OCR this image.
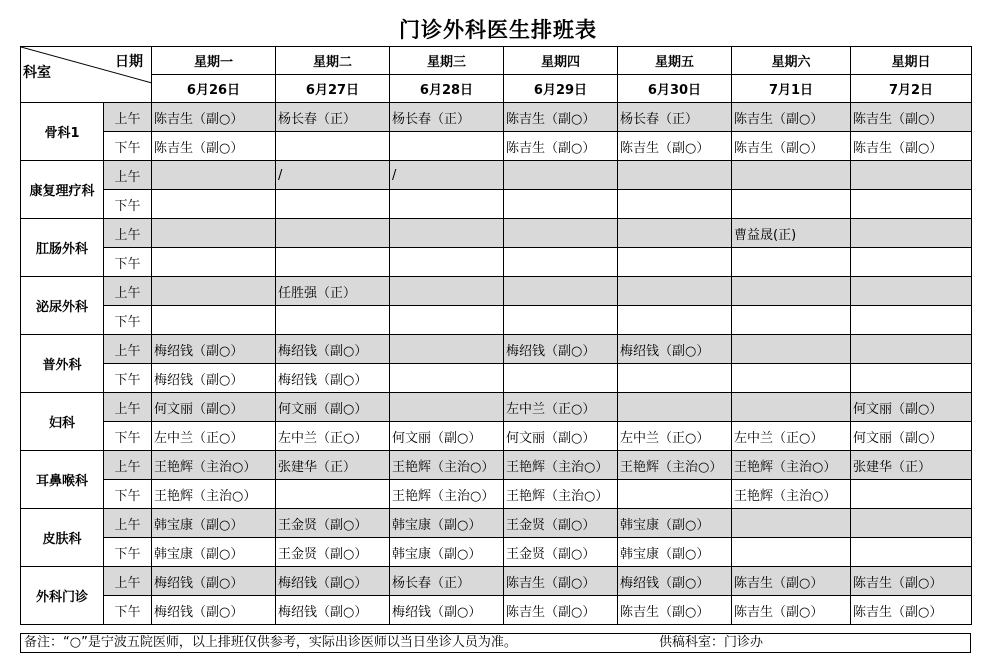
门诊外科医生排班表
日期
科室		星期一	星期二	星期三	星期四	星期五	星期六	星期日
		6月26日	6月27日	6月28日	6月29日	6月30日	7月1日	7月2日
骨科1	上午	陈吉生（副○）	杨长春（正）	杨长春（正）	陈吉生（副○）	杨长春（正）	陈吉生（副○）	陈吉生（副○）
	下午	陈吉生（副○）			陈吉生（副○）	陈吉生（副○）	陈吉生（副○）	陈吉生（副○）
康复理疗科	上午		/	/				
	下午							
肛肠外科	上午						曹益晟(正)	
	下午							
泌尿外科	上午		任胜强（正）					
	下午							
普外科	上午	梅绍钱（副○）	梅绍钱（副○）		梅绍钱（副○）	梅绍钱（副○）		
	下午	梅绍钱（副○）	梅绍钱（副○）					
妇科	上午	何文丽（副○）	何文丽（副○）		左中兰（正○）			何文丽（副○）
	下午	左中兰（正○）	左中兰（正○）	何文丽（副○）	何文丽（副○）	左中兰（正○）	左中兰（正○）	何文丽（副○）
耳鼻喉科	上午	王艳辉（主治○）	张建华（正）	王艳辉（主治○）	王艳辉（主治○）	王艳辉（主治○）	王艳辉（主治○）	张建华（正）
	下午	王艳辉（主治○）		王艳辉（主治○）	王艳辉（主治○）		王艳辉（主治○）	
皮肤科	上午	韩宝康（副○）	王金贤（副○）	韩宝康（副○）	王金贤（副○）	韩宝康（副○）		
	下午	韩宝康（副○）	王金贤（副○）	韩宝康（副○）	王金贤（副○）	韩宝康（副○）		
外科门诊	上午	梅绍钱（副○）	梅绍钱（副○）	杨长春（正）	陈吉生（副○）	梅绍钱（副○）	陈吉生（副○）	陈吉生（副○）
	下午	梅绍钱（副○）	梅绍钱（副○）	梅绍钱（副○）	陈吉生（副○）	陈吉生（副○）	陈吉生（副○）	陈吉生（副○）
备注：“○”是宁波五院医师，以上排班仅供参考，实际出诊医师以当日坐诊人员为准。	供稿科室：门诊办
